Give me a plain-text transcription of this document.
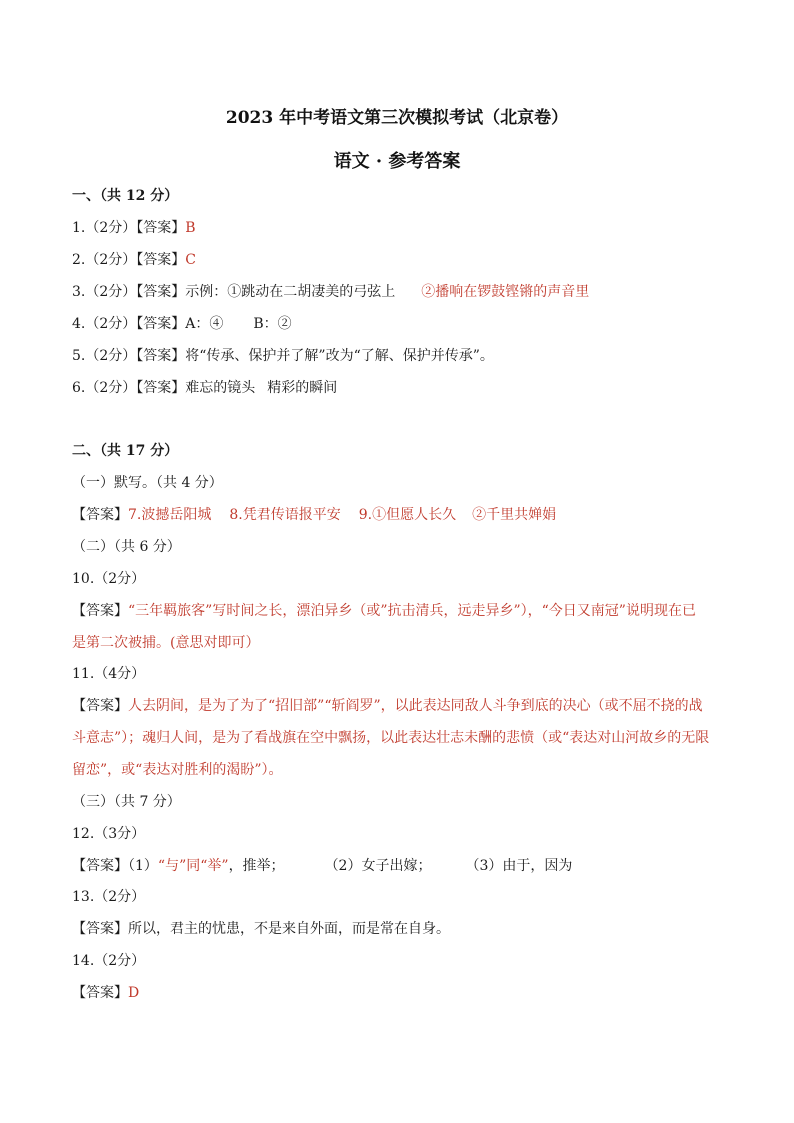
2023 年中考语文第三次模拟考试（北京卷）
语文 · 参考答案
一、（共 12 分）
1.（2分）【答案】B
2.（2分）【答案】C
3.（2分）【答案】示例：①跳动在二胡凄美的弓弦上 ②播响在锣鼓铿锵的声音里
4.（2分）【答案】A：④ B：②
5.（2分）【答案】将“传承、保护并了解”改为“了解、保护并传承”。
6.（2分）【答案】难忘的镜头 精彩的瞬间
二、（共 17 分）
（一）默写。（共 4 分）
【答案】7.波撼岳阳城 8.凭君传语报平安 9.①但愿人长久 ②千里共婵娟
（二）（共 6 分）
10.（2分）
【答案】“三年羁旅客”写时间之长，漂泊异乡（或”抗击清兵，远走异乡”），“今日又南冠”说明现在已
是第二次被捕。(意思对即可）
11.（4分）
【答案】人去阴间，是为了为了“招旧部”“斩阎罗”，以此表达同敌人斗争到底的决心（或不屈不挠的战
斗意志”）；魂归人间，是为了看战旗在空中飘扬，以此表达壮志未酬的悲愤（或“表达对山河故乡的无限
留恋”，或“表达对胜利的渴盼”）。
（三）（共 7 分）
12.（3分）
【答案】（1）“与”同“举”，推举；	（2）女子出嫁； （3）由于，因为
13.（2分）
【答案】所以，君主的忧患，不是来自外面，而是常在自身。
14.（2分）
【答案】D
